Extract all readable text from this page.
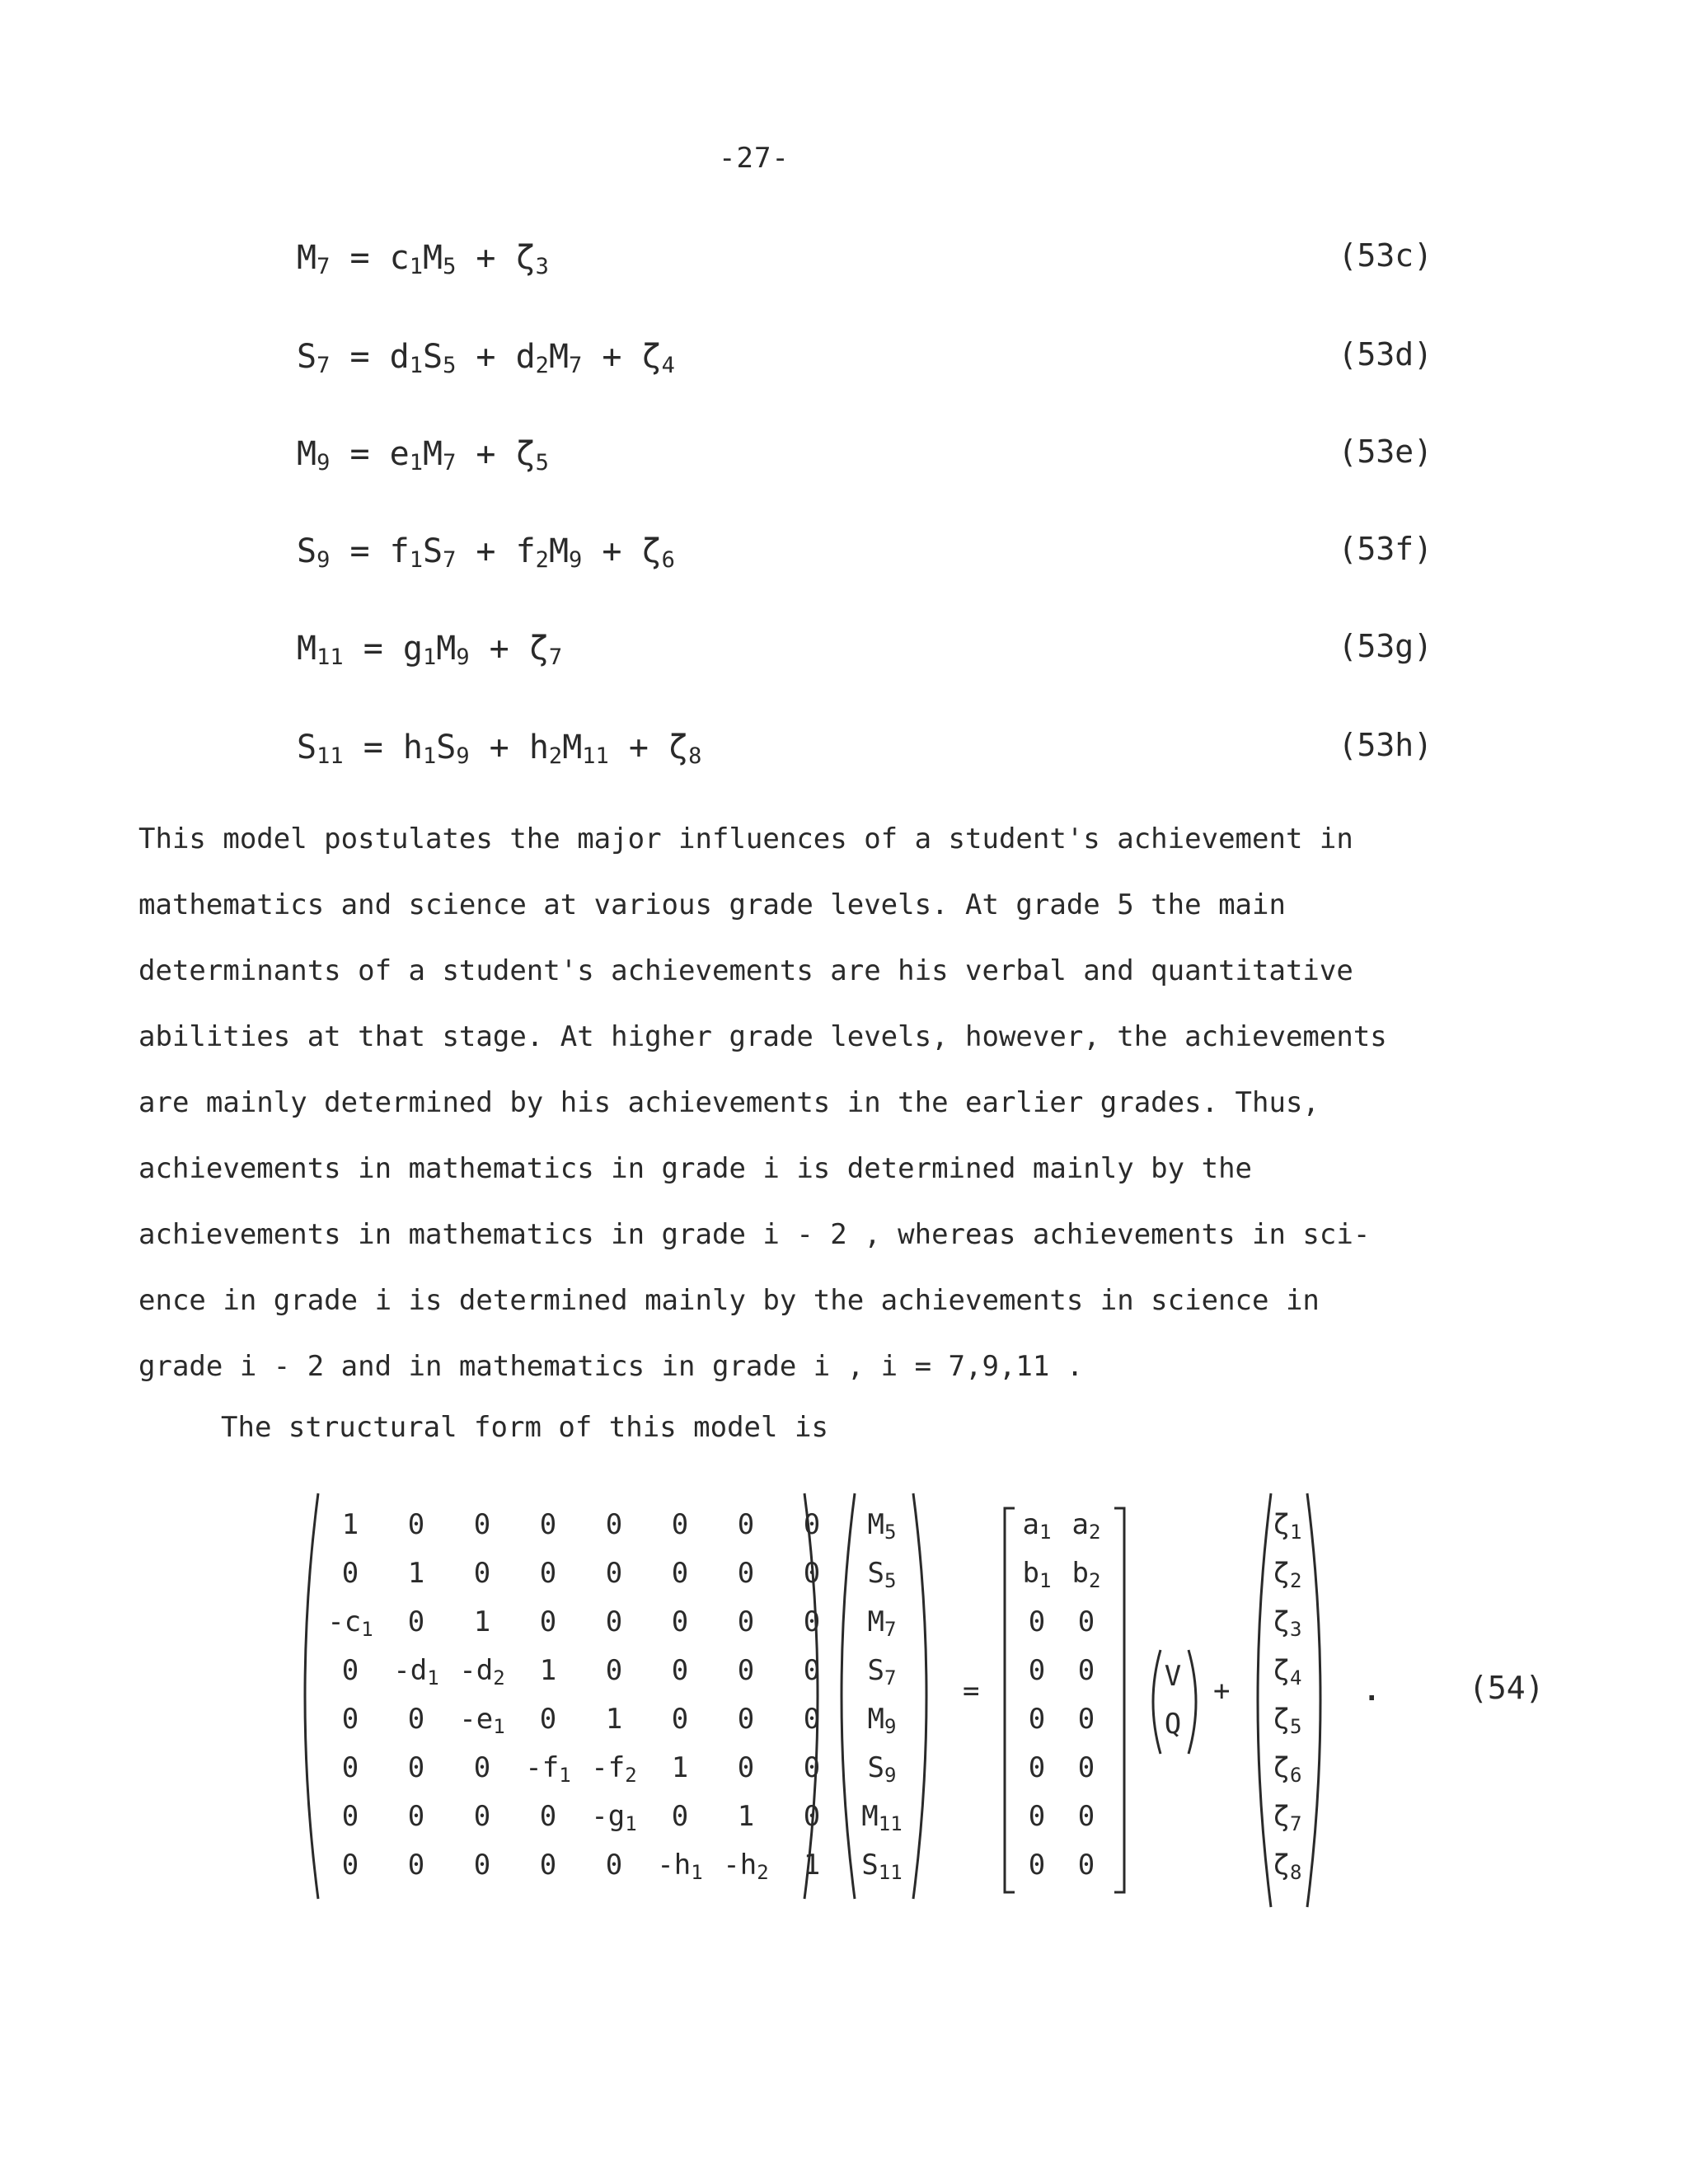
-27-
$M_7 = c_1M_5 + \zeta_3$	(53c)
$S_7 = d_1S_5 + d_2M_7 + \zeta_4$	(53d)
$M_9 = e_1M_7 + \zeta_5$	(53e)
$S_9 = f_1S_7 + f_2M_9 + \zeta_6$	(53f)
$M_{11} = g_1M_9 + \zeta_7$	(53g)
$S_{11} = h_1S_9 + h_2M_{11} + \zeta_8$	(53h)
This model postulates the major influences of a student's achievement in
mathematics and science at various grade levels. At grade 5 the main
determinants of a student's achievements are his verbal and quantitative
abilities at that stage. At higher grade levels, however, the achievements
are mainly determined by his achievements in the earlier grades. Thus,
achievements in mathematics in grade i is determined mainly by the
achievements in mathematics in grade i - 2 , whereas achievements in sci-
ence in grade i is determined mainly by the achievements in science in
grade i - 2 and in mathematics in grade i , i = 7,9,11 .
The structural form of this model is
1	0	0	0	0	0	0	0
0	1	0	0	0	0	0	0
$-c_1$	0	1	0	0	0	0	0
0	$-d_1$	$-d_2$	1	0	0	0	0
0	0	$-e_1$	0	1	0	0	0
0	0	0	$-f_1$	$-f_2$	1	0	0
0	0	0	0	$-g_1$	0	1	0
0	0	0	0	0	$-h_1$	$-h_2$	1
$M_5$
$S_5$
$M_7$
$S_7$
$M_9$
$S_9$
$M_{11}$
$S_{11}$
=
$a_1$	$a_2$
$b_1$	$b_2$
0	0
0	0
0	0
0	0
0	0
0	0
V
Q
+
$\zeta_1$
$\zeta_2$
$\zeta_3$
$\zeta_4$
$\zeta_5$
$\zeta_6$
$\zeta_7$
$\zeta_8$
.	(54)
